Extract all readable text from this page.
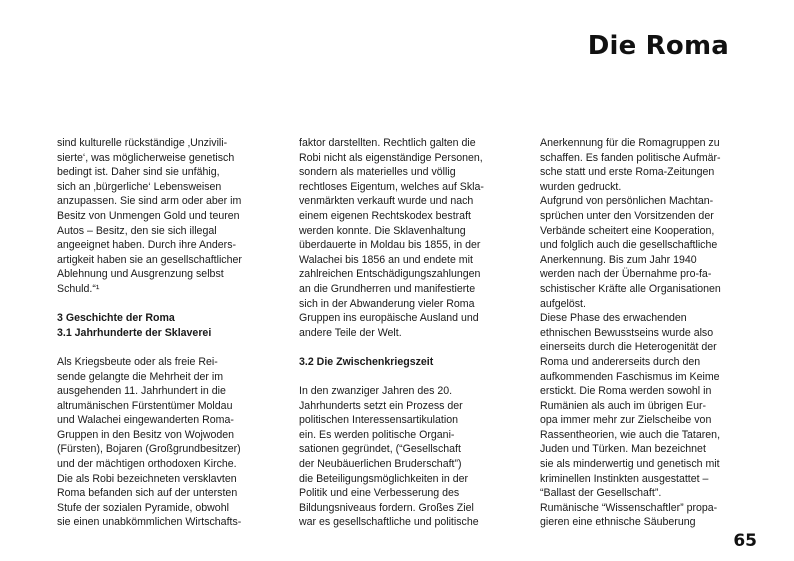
Die Roma
sind kulturelle rückständige ‚Unzivili-
sierte‘, was möglicherweise genetisch
bedingt ist. Daher sind sie unfähig,
sich an ‚bürgerliche‘ Lebensweisen
anzupassen. Sie sind arm oder aber im
Besitz von Unmengen Gold und teuren
Autos – Besitz, den sie sich illegal
angeeignet haben. Durch ihre Anders-
artigkeit haben sie an gesellschaftlicher
Ablehnung und Ausgrenzung selbst
Schuld.“¹
3 Geschichte der Roma
3.1 Jahrhunderte der Sklaverei
Als Kriegsbeute oder als freie Rei-
sende gelangte die Mehrheit der im
ausgehenden 11. Jahrhundert in die
altrumänischen Fürstentümer Moldau
und Walachei eingewanderten Roma-
Gruppen in den Besitz von Wojwoden
(Fürsten), Bojaren (Großgrundbesitzer)
und der mächtigen orthodoxen Kirche.
Die als Robi bezeichneten versklavten
Roma befanden sich auf der untersten
Stufe der sozialen Pyramide, obwohl
sie einen unabkömmlichen Wirtschafts-
faktor darstellten. Rechtlich galten die
Robi nicht als eigenständige Personen,
sondern als materielles und völlig
rechtloses Eigentum, welches auf Skla-
venmärkten verkauft wurde und nach
einem eigenen Rechtskodex bestraft
werden konnte. Die Sklavenhaltung
überdauerte in Moldau bis 1855, in der
Walachei bis 1856 an und endete mit
zahlreichen Entschädigungszahlungen
an die Grundherren und manifestierte
sich in der Abwanderung vieler Roma
Gruppen ins europäische Ausland und
andere Teile der Welt.
3.2 Die Zwischenkriegszeit
In den zwanziger Jahren des 20.
Jahrhunderts setzt ein Prozess der
politischen Interessensartikulation
ein. Es werden politische Organi-
sationen gegründet, (“Gesellschaft
der Neubäuerlichen Bruderschaft”)
die Beteiligungsmöglichkeiten in der
Politik und eine Verbesserung des
Bildungsniveaus fordern. Großes Ziel
war es gesellschaftliche und politische
Anerkennung für die Romagruppen zu
schaffen. Es fanden politische Aufmär-
sche statt und erste Roma-Zeitungen
wurden gedruckt.
Aufgrund von persönlichen Machtan-
sprüchen unter den Vorsitzenden der
Verbände scheitert eine Kooperation,
und folglich auch die gesellschaftliche
Anerkennung. Bis zum Jahr 1940
werden nach der Übernahme pro-fa-
schistischer Kräfte alle Organisationen
aufgelöst.
Diese Phase des erwachenden
ethnischen Bewusstseins wurde also
einerseits durch die Heterogenität der
Roma und andererseits durch den
aufkommenden Faschismus im Keime
erstickt. Die Roma werden sowohl in
Rumänien als auch im übrigen Eur-
opa immer mehr zur Zielscheibe von
Rassentheorien, wie auch die Tataren,
Juden und Türken. Man bezeichnet
sie als minderwertig und genetisch mit
kriminellen Instinkten ausgestattet –
“Ballast der Gesellschaft”.
Rumänische “Wissenschaftler” propa-
gieren eine ethnische Säuberung
65
